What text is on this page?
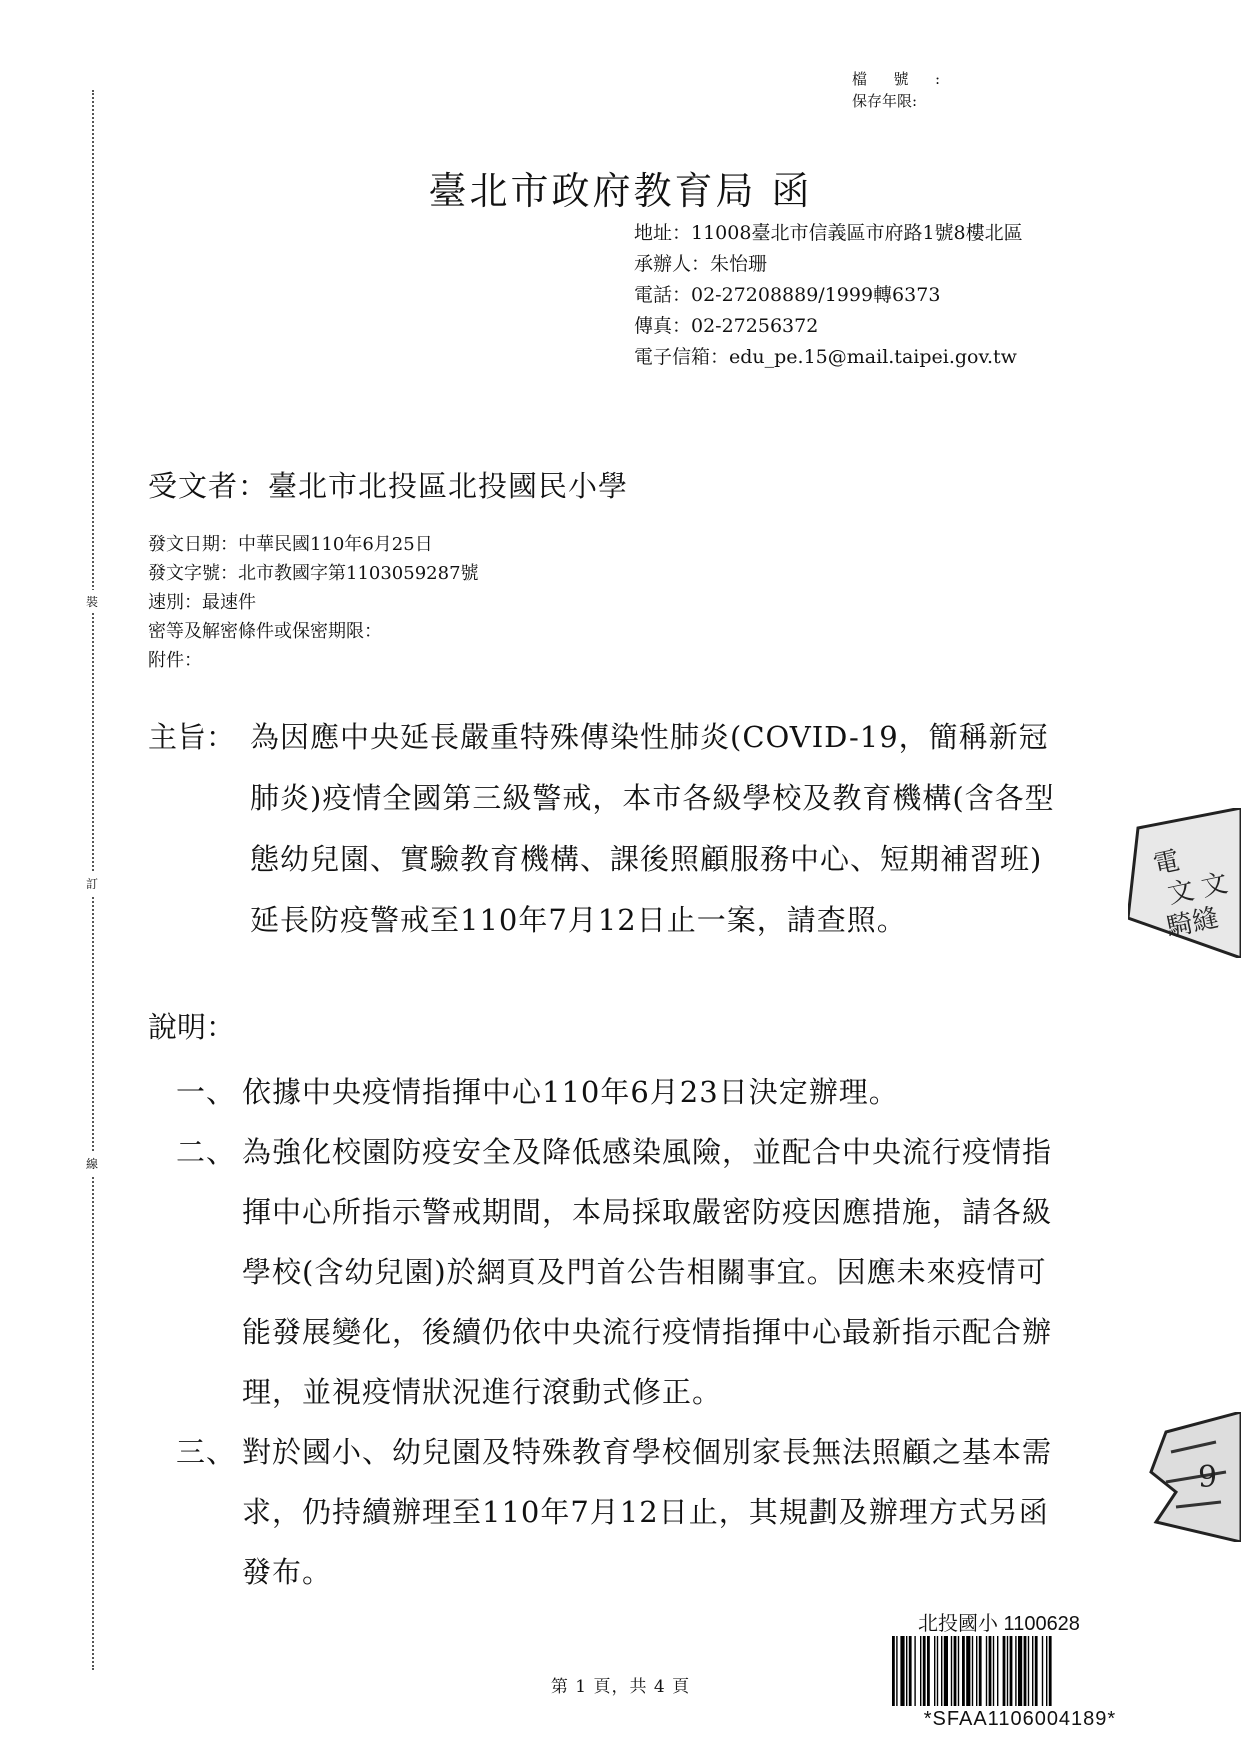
裝
訂
線
檔號:
保存年限:
臺北市政府教育局 函
地址：11008臺北市信義區市府路1號8樓北區
承辦人：朱怡珊
電話：02-27208889/1999轉6373
傳真：02-27256372
電子信箱：edu_pe.15@mail.taipei.gov.tw
受文者：臺北市北投區北投國民小學
發文日期：中華民國110年6月25日
發文字號：北市教國字第1103059287號
速別：最速件
密等及解密條件或保密期限：
附件：
主旨： 為因應中央延長嚴重特殊傳染性肺炎(COVID-19，簡稱新冠肺炎)疫情全國第三級警戒，本市各級學校及教育機構(含各型態幼兒園、實驗教育機構、課後照顧服務中心、短期補習班)延長防疫警戒至110年7月12日止一案，請查照。
說明：
一、 依據中央疫情指揮中心110年6月23日決定辦理。
二、 為強化校園防疫安全及降低感染風險，並配合中央流行疫情指揮中心所指示警戒期間，本局採取嚴密防疫因應措施，請各級學校(含幼兒園)於網頁及門首公告相關事宜。因應未來疫情可能發展變化，後續仍依中央流行疫情指揮中心最新指示配合辦理，並視疫情狀況進行滾動式修正。
三、 對於國小、幼兒園及特殊教育學校個別家長無法照顧之基本需求，仍持續辦理至110年7月12日止，其規劃及辦理方式另函發布。
電
文 文
騎縫
9
北投國小 1100628
*SFAA1106004189*
第 1 頁，共 4 頁
